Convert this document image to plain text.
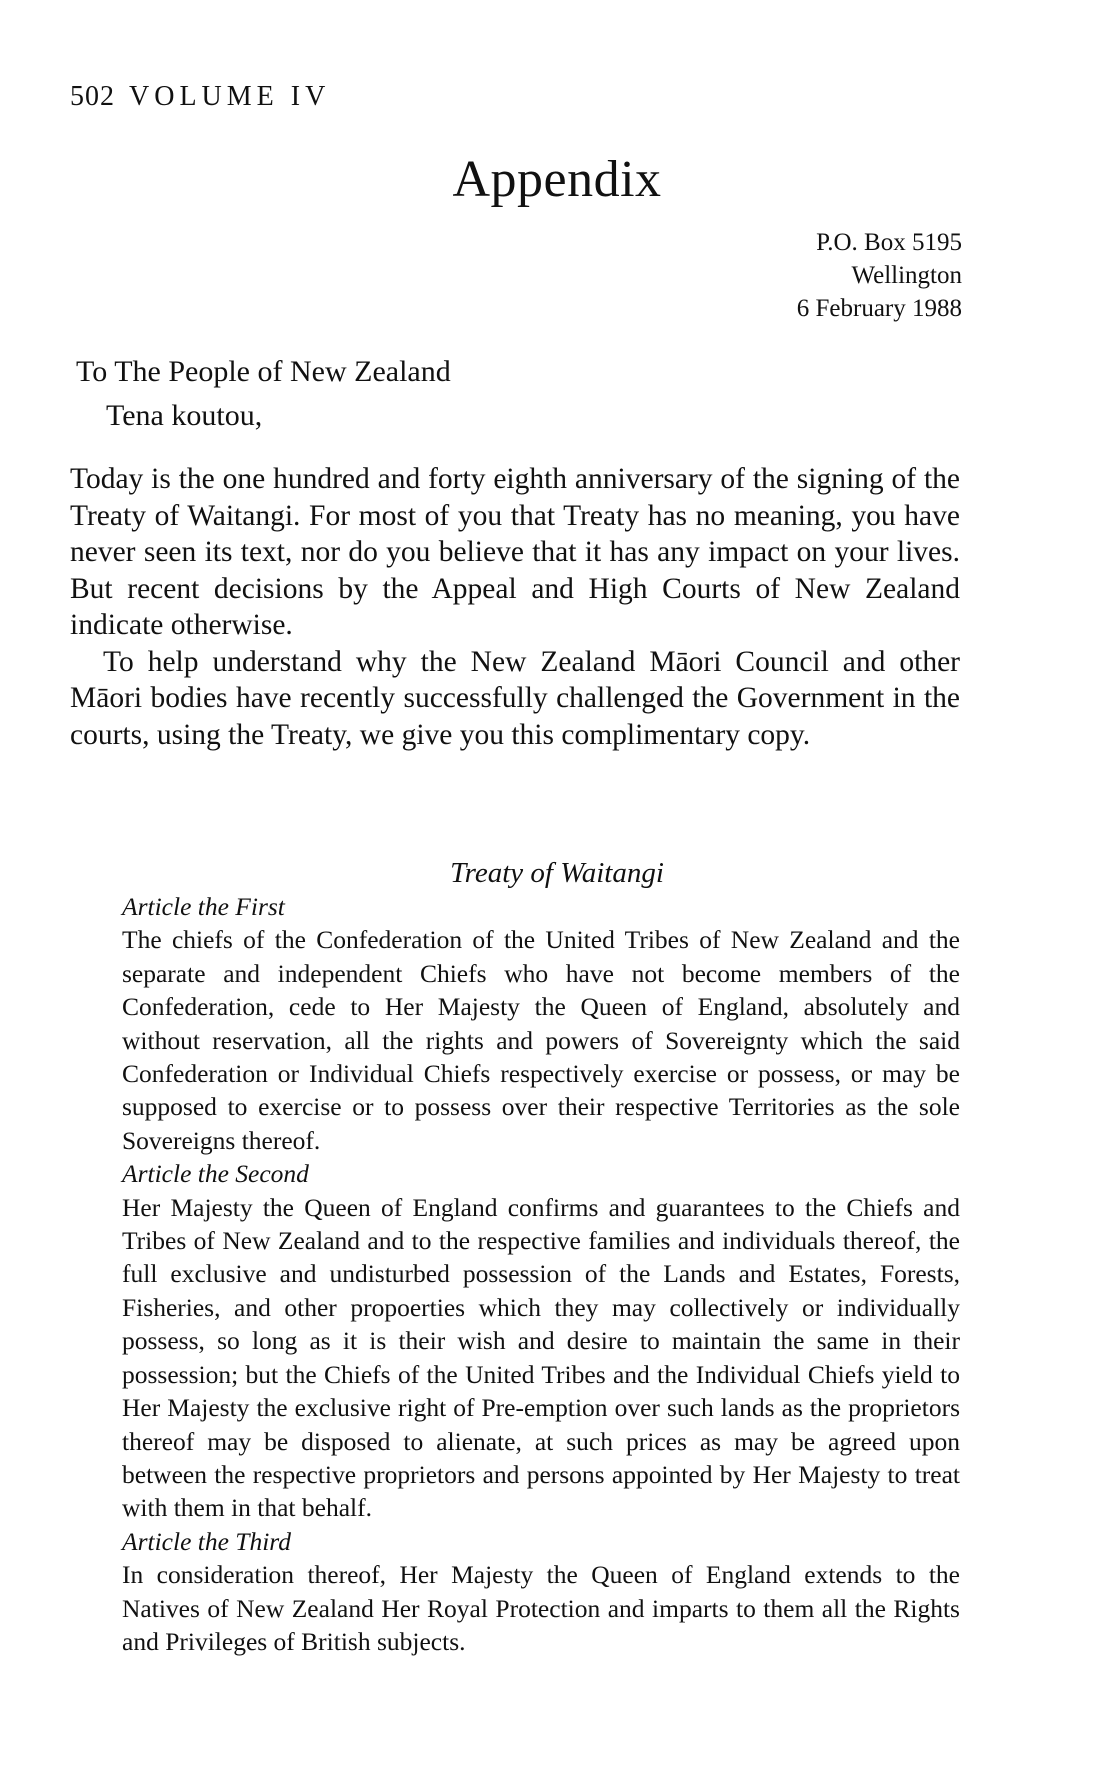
502 VOLUME IV
Appendix
P.O. Box 5195
Wellington
6 February 1988
To The People of New Zealand
Tena koutou,

Today is the one hundred and forty eighth anniversary of the signing of the Treaty of Waitangi. For most of you that Treaty has no meaning, you have never seen its text, nor do you believe that it has any impact on your lives. But recent decisions by the Appeal and High Courts of New Zealand indicate otherwise.

To help understand why the New Zealand Māori Council and other Māori bodies have recently successfully challenged the Government in the courts, using the Treaty, we give you this complimentary copy.

Treaty of Waitangi

Article the First

The chiefs of the Confederation of the United Tribes of New Zealand and the separate and independent Chiefs who have not become members of the Confederation, cede to Her Majesty the Queen of England, absolutely and without reservation, all the rights and powers of Sovereignty which the said Confederation or Individual Chiefs respectively exercise or possess, or may be supposed to exercise or to possess over their respective Territories as the sole Sovereigns thereof.

Article the Second

Her Majesty the Queen of England confirms and guarantees to the Chiefs and Tribes of New Zealand and to the respective families and individuals thereof, the full exclusive and undisturbed possession of the Lands and Estates, Forests, Fisheries, and other propoerties which they may collectively or individually possess, so long as it is their wish and desire to maintain the same in their possession; but the Chiefs of the United Tribes and the Individual Chiefs yield to Her Majesty the exclusive right of Pre-emption over such lands as the proprietors thereof may be disposed to alienate, at such prices as may be agreed upon between the respective proprietors and persons appointed by Her Majesty to treat with them in that behalf.

Article the Third

In consideration thereof, Her Majesty the Queen of England extends to the Natives of New Zealand Her Royal Protection and imparts to them all the Rights and Privileges of British subjects.
